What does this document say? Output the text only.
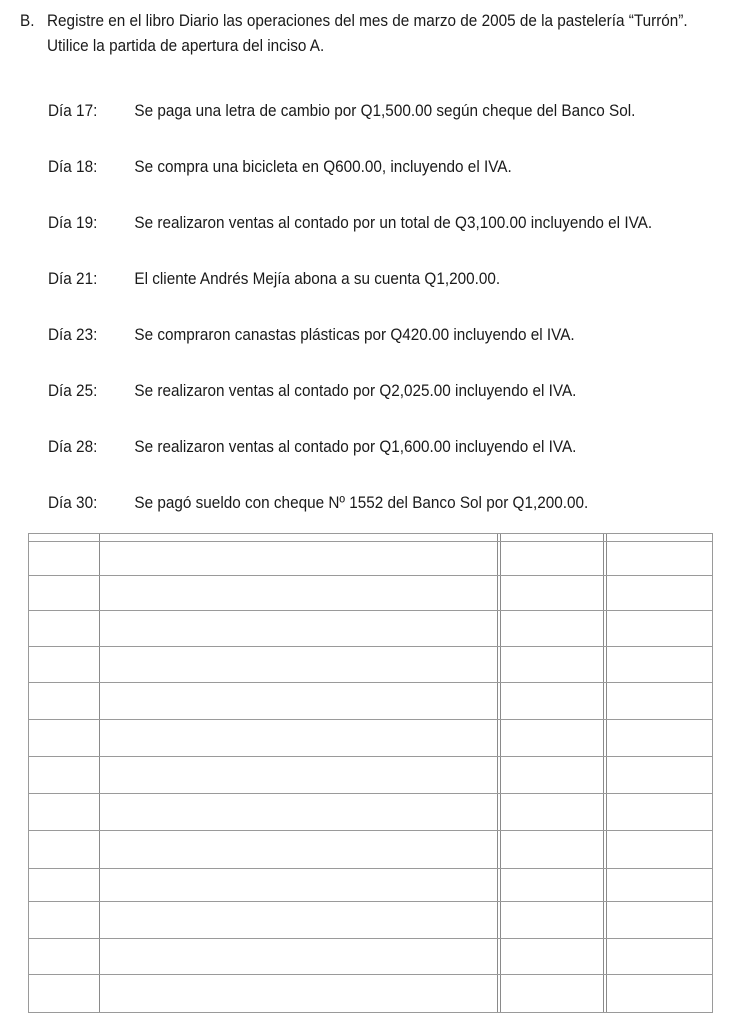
B. Registre en el libro Diario las operaciones del mes de marzo de 2005 de la pastelería “Turrón”. Utilice la partida de apertura del inciso A.
Día 17: Se paga una letra de cambio por Q1,500.00 según cheque del Banco Sol.
Día 18: Se compra una bicicleta en Q600.00, incluyendo el IVA.
Día 19: Se realizaron ventas al contado por un total de Q3,100.00 incluyendo el IVA.
Día 21: El cliente Andrés Mejía abona a su cuenta Q1,200.00.
Día 23: Se compraron canastas plásticas por Q420.00 incluyendo el IVA.
Día 25: Se realizaron ventas al contado por Q2,025.00 incluyendo el IVA.
Día 28: Se realizaron ventas al contado por Q1,600.00 incluyendo el IVA.
Día 30: Se pagó sueldo con cheque Nº 1552 del Banco Sol por Q1,200.00.
